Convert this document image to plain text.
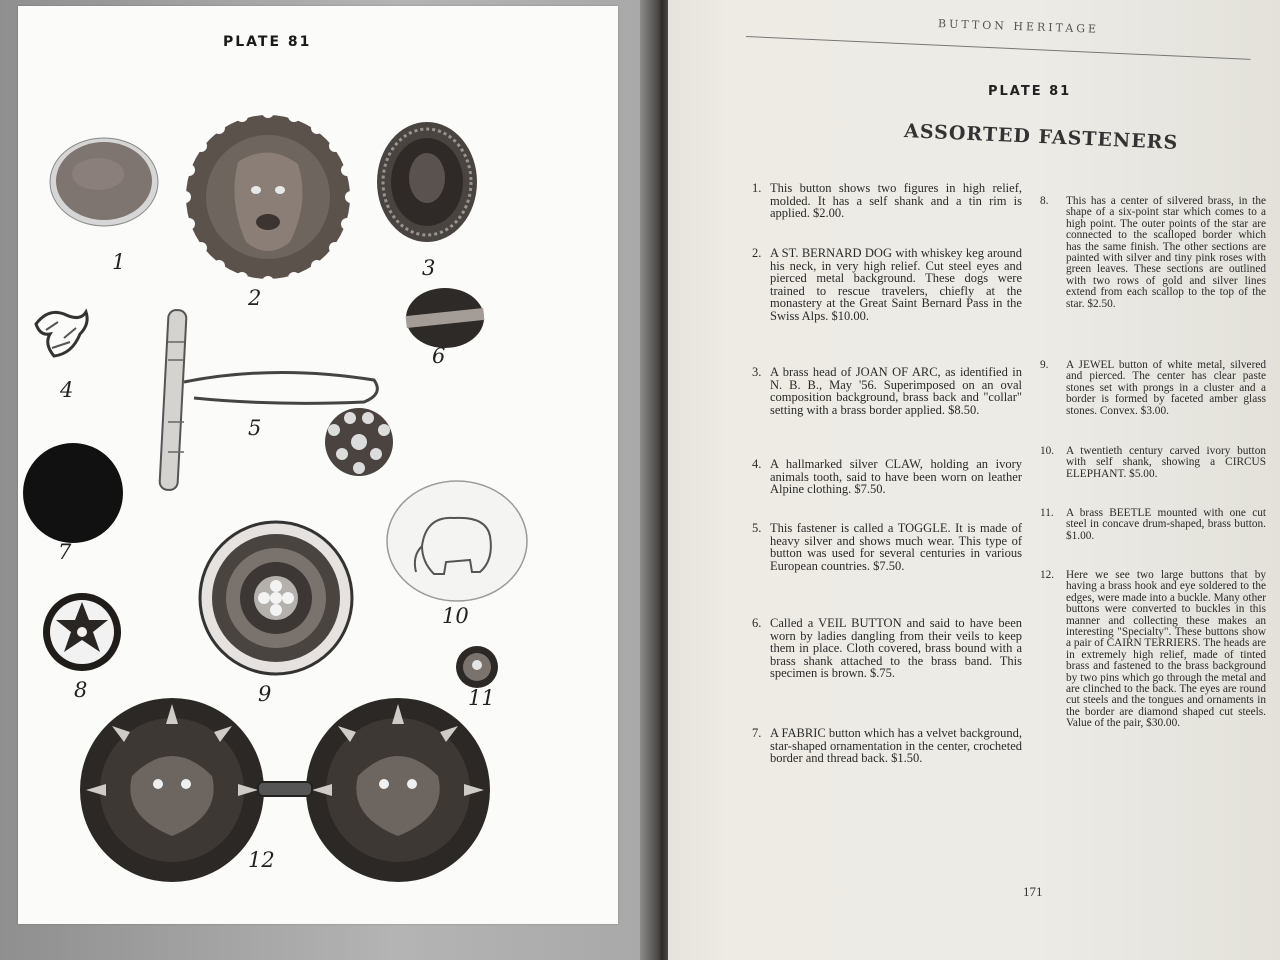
PLATE 81
1
2
3
4
5
6
7
8	9
10
11
12
BUTTON HERITAGE
PLATE 81
ASSORTED FASTENERS
1. This button shows two figures in high relief, molded. It has a self shank and a tin rim is applied. $2.00.
2. A ST. BERNARD DOG with whiskey keg around his neck, in very high relief. Cut steel eyes and pierced metal background. These dogs were trained to rescue travelers, chiefly at the monastery at the Great Saint Bernard Pass in the Swiss Alps. $10.00.
3. A brass head of JOAN OF ARC, as identified in N. B. B., May '56. Superimposed on an oval composition background, brass back and "collar" setting with a brass border applied. $8.50.
4. A hallmarked silver CLAW, holding an ivory animals tooth, said to have been worn on leather Alpine clothing. $7.50.
5. This fastener is called a TOGGLE. It is made of heavy silver and shows much wear. This type of button was used for several centuries in various European countries. $7.50.
6. Called a VEIL BUTTON and said to have been worn by ladies dangling from their veils to keep them in place. Cloth covered, brass bound with a brass shank attached to the brass band. This specimen is brown. $.75.
7. A FABRIC button which has a velvet background, star-shaped ornamentation in the center, crocheted border and thread back. $1.50.
8. This has a center of silvered brass, in the shape of a six-point star which comes to a high point. The outer points of the star are connected to the scalloped border which has the same finish. The other sections are painted with silver and tiny pink roses with green leaves. These sections are outlined with two rows of gold and silver lines extend from each scallop to the top of the star. $2.50.
9. A JEWEL button of white metal, silvered and pierced. The center has clear paste stones set with prongs in a cluster and a border is formed by faceted amber glass stones. Convex. $3.00.
10. A twentieth century carved ivory button with self shank, showing a CIRCUS ELEPHANT. $5.00.
11. A brass BEETLE mounted with one cut steel in concave drum-shaped, brass button. $1.00.
12. Here we see two large buttons that by having a brass hook and eye soldered to the edges, were made into a buckle. Many other buttons were converted to buckles in this manner and collecting these makes an interesting "Specialty". These buttons show a pair of CAIRN TERRIERS. The heads are in extremely high relief, made of tinted brass and fastened to the brass background by two pins which go through the metal and are clinched to the back. The eyes are round cut steels and the tongues and ornaments in the border are diamond shaped cut steels. Value of the pair, $30.00.
171
